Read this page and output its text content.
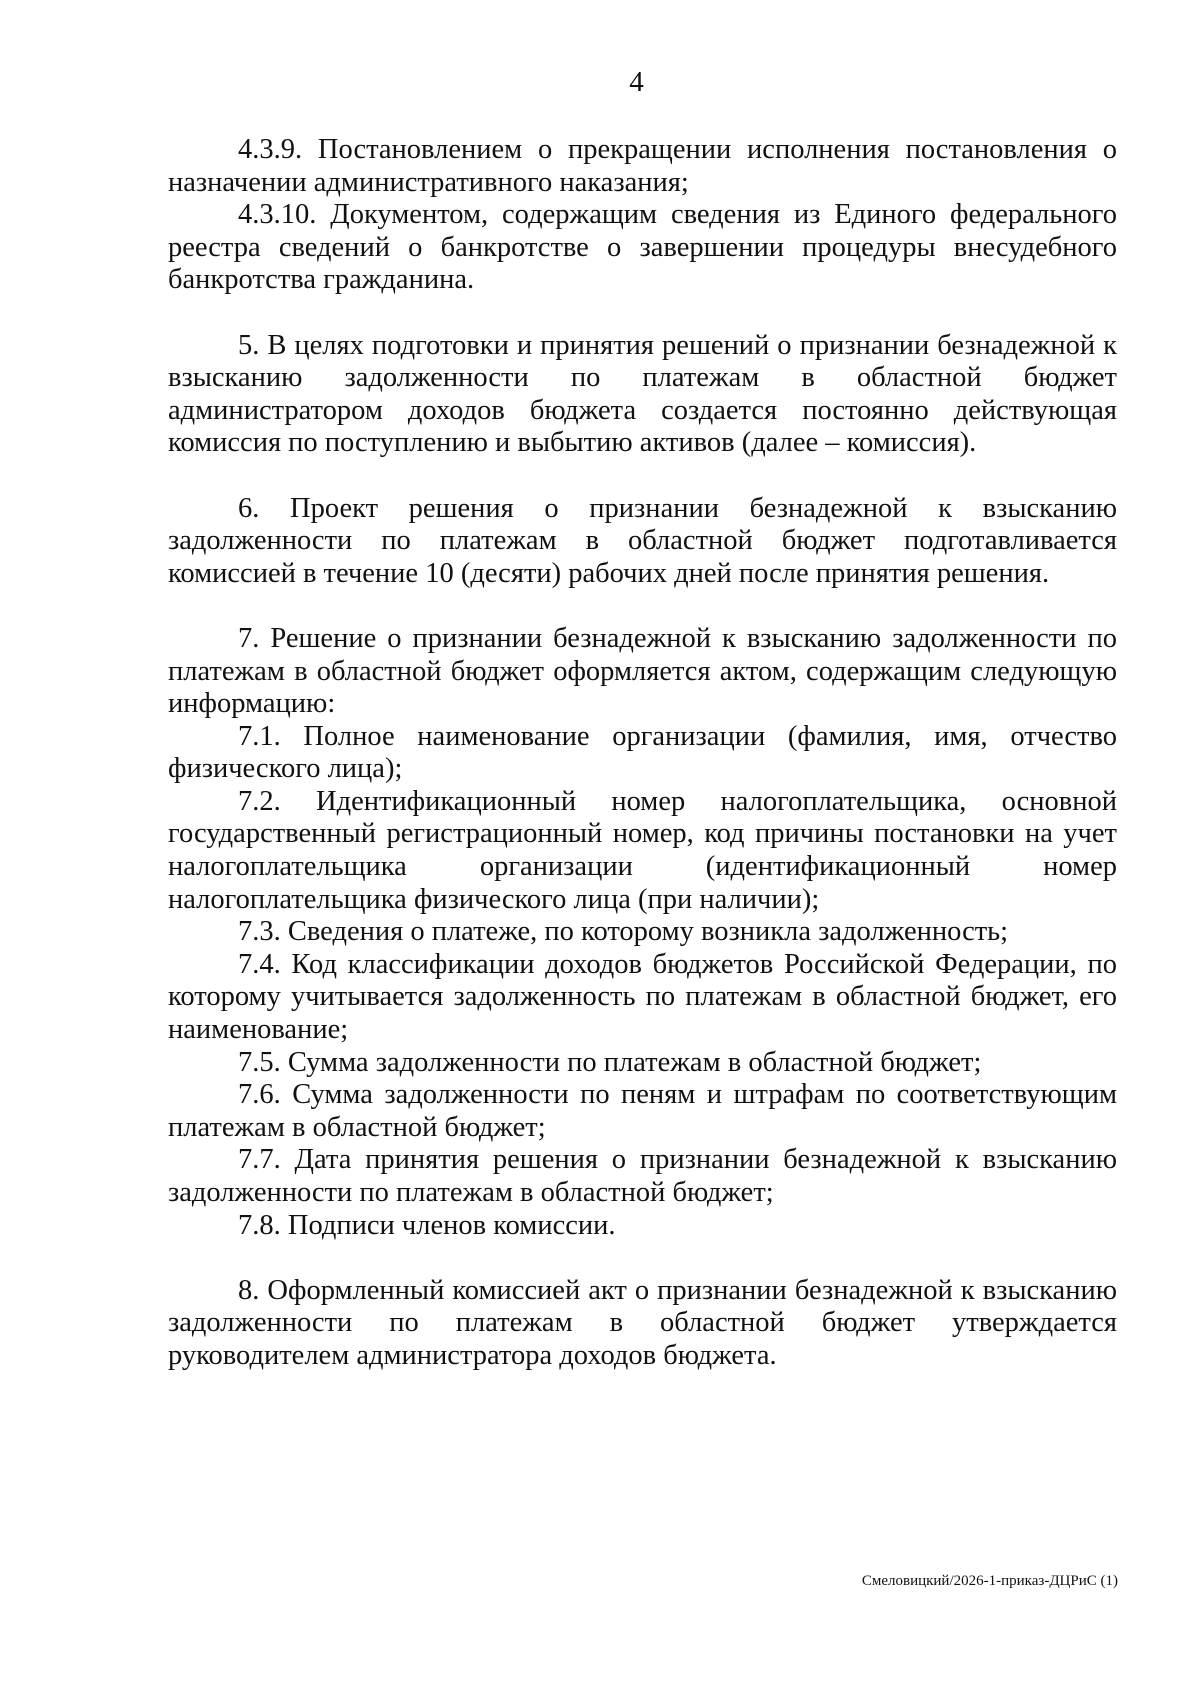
4

4.3.9. Постановлением о прекращении исполнения постановления о назначении административного наказания;

4.3.10. Документом, содержащим сведения из Единого федерального реестра сведений о банкротстве о завершении процедуры внесудебного банкротства гражданина.

5. В целях подготовки и принятия решений о признании безнадежной к взысканию задолженности по платежам в областной бюджет администратором доходов бюджета создается постоянно действующая комиссия по поступлению и выбытию активов (далее – комиссия).

6. Проект решения о признании безнадежной к взысканию задолженности по платежам в областной бюджет подготавливается комиссией в течение 10 (десяти) рабочих дней после принятия решения.

7. Решение о признании безнадежной к взысканию задолженности по платежам в областной бюджет оформляется актом, содержащим следующую информацию:

7.1. Полное наименование организации (фамилия, имя, отчество физического лица);

7.2. Идентификационный номер налогоплательщика, основной государственный регистрационный номер, код причины постановки на учет налогоплательщика организации (идентификационный номер налогоплательщика физического лица (при наличии);

7.3. Сведения о платеже, по которому возникла задолженность;

7.4. Код классификации доходов бюджетов Российской Федерации, по которому учитывается задолженность по платежам в областной бюджет, его наименование;

7.5. Сумма задолженности по платежам в областной бюджет;

7.6. Сумма задолженности по пеням и штрафам по соответствующим платежам в областной бюджет;

7.7. Дата принятия решения о признании безнадежной к взысканию задолженности по платежам в областной бюджет;

7.8. Подписи членов комиссии.

8. Оформленный комиссией акт о признании безнадежной к взысканию задолженности по платежам в областной бюджет утверждается руководителем администратора доходов бюджета.

Смеловицкий/2026-1-приказ-ДЦРиС (1)
